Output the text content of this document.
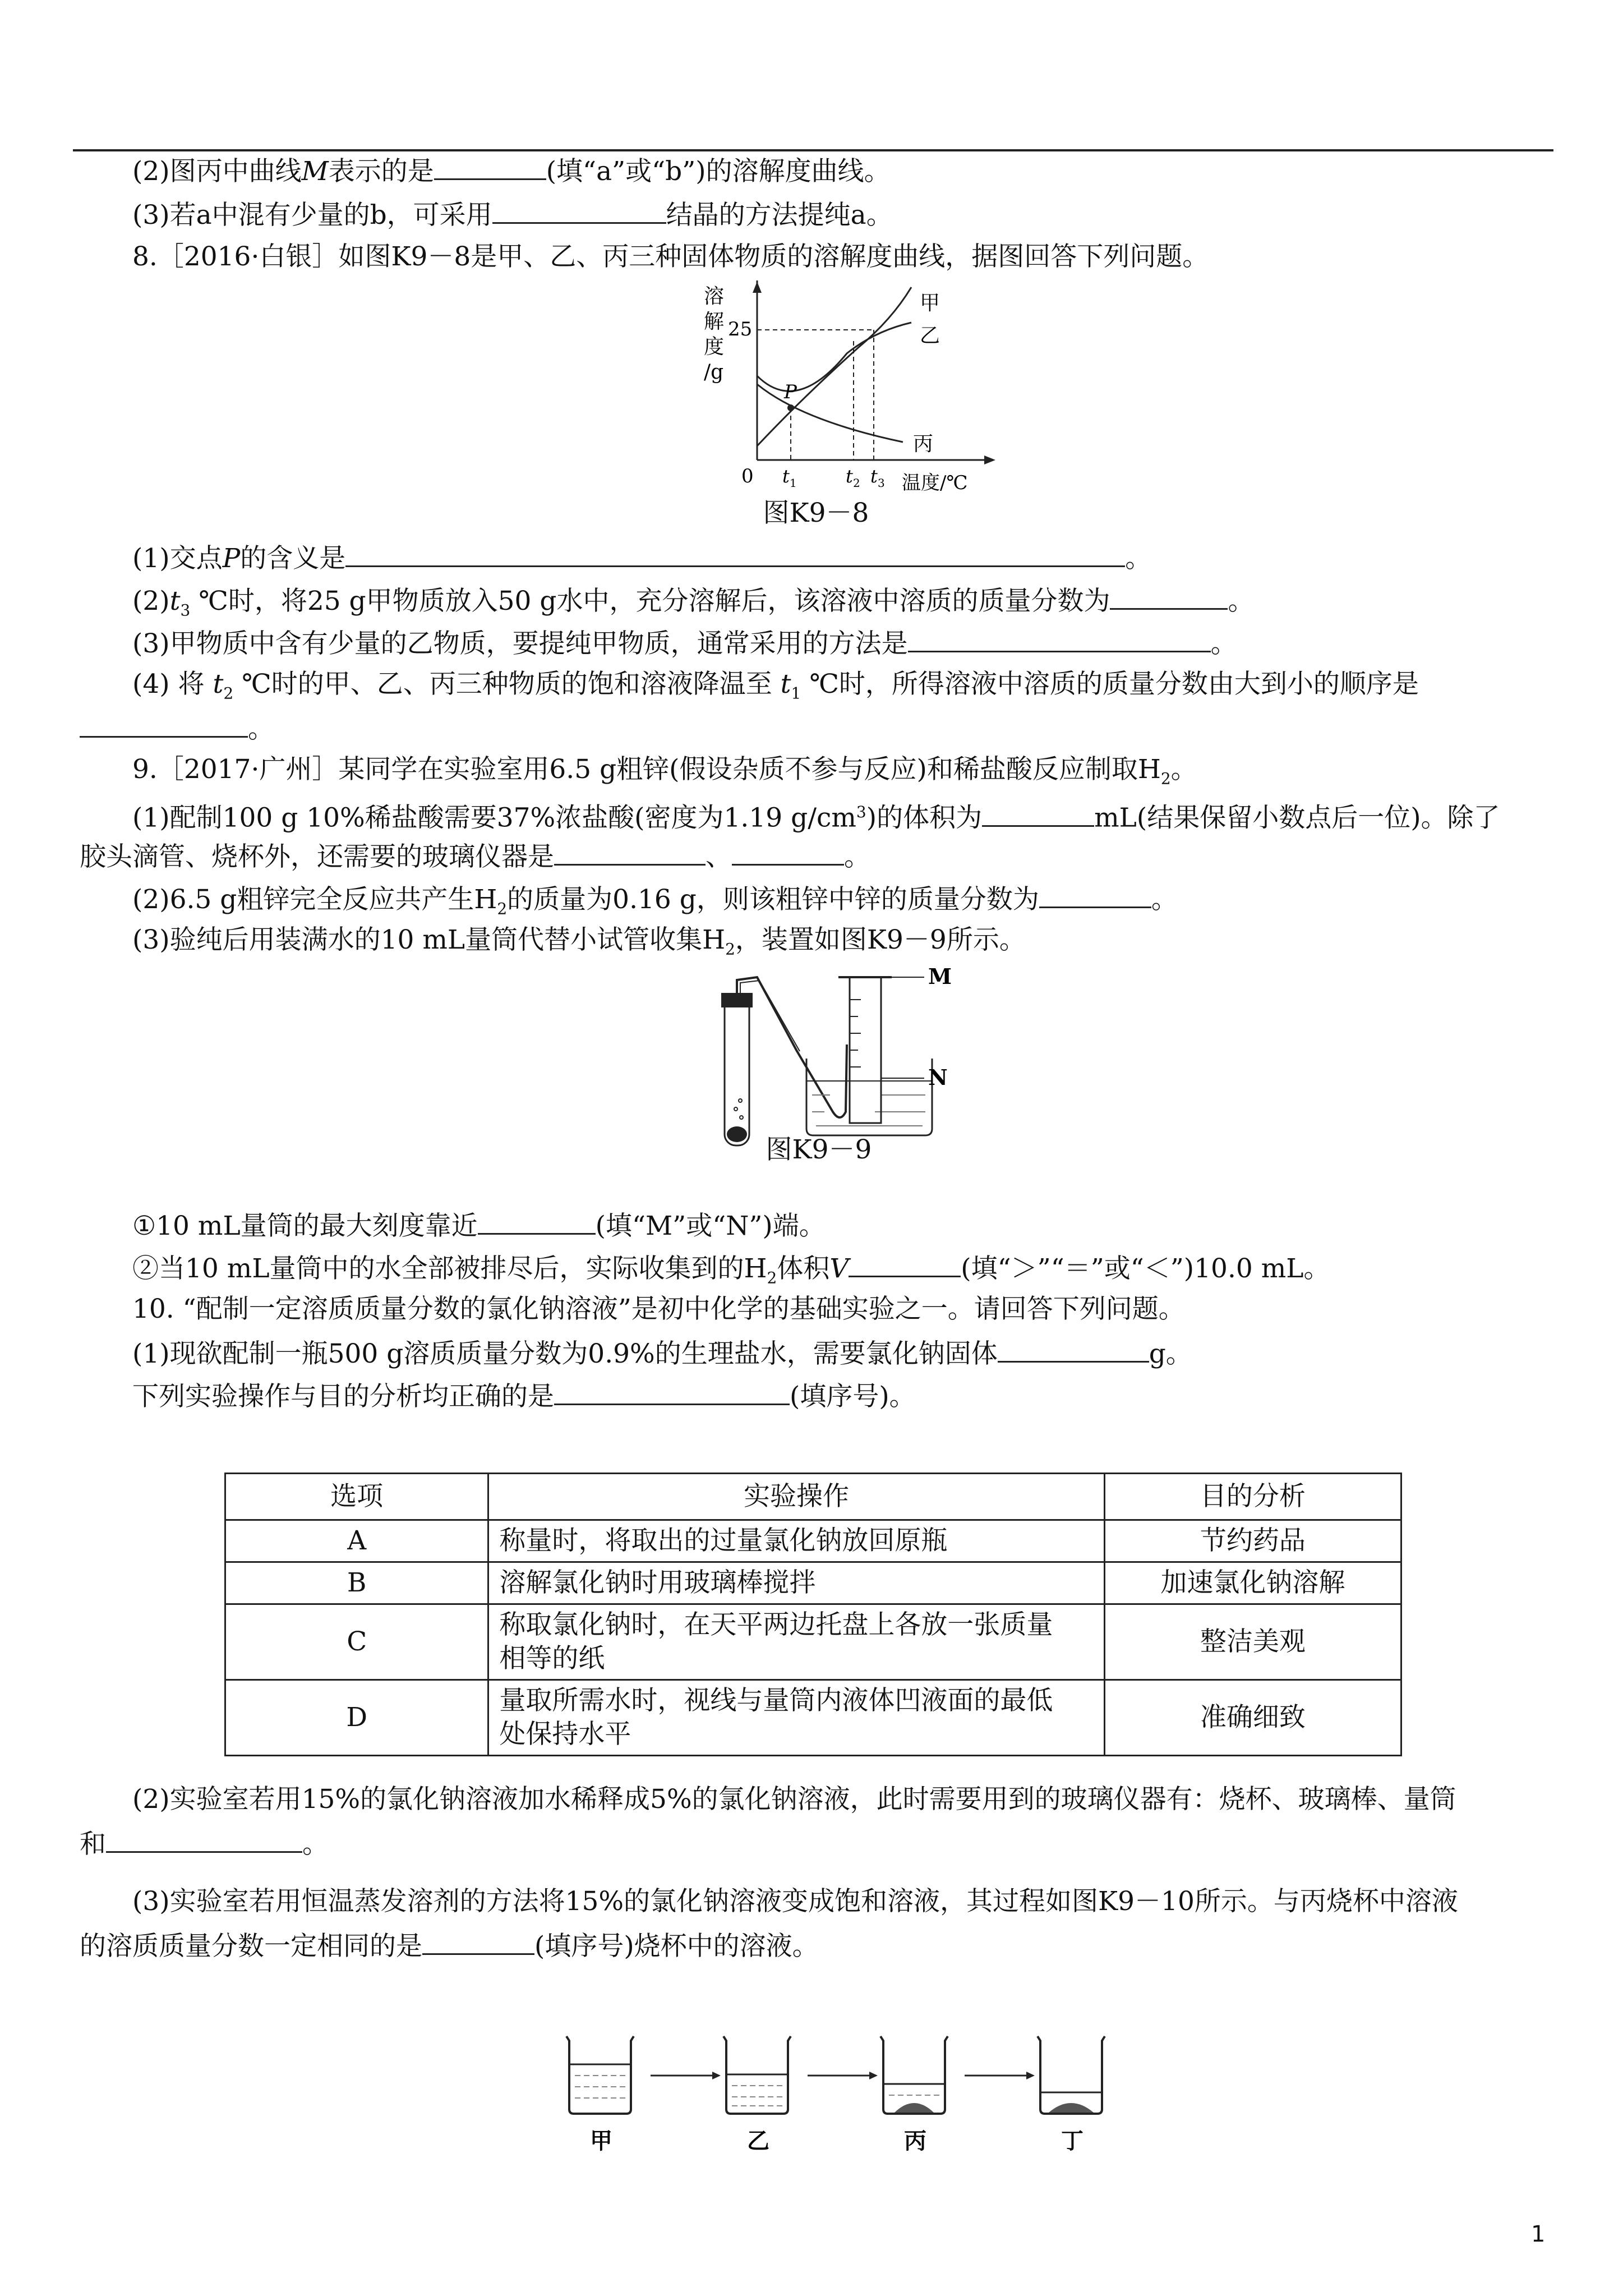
(2)图丙中曲线M表示的是	(填“a”或“b”)的溶解度曲线。
(3)若a中混有少量的b，可采用	结晶的方法提纯a。
8.［2016·白银］如图K9－8是甲、乙、丙三种固体物质的溶解度曲线，据图回答下列问题。
溶
解
度
/g
25
0
P
甲
乙
丙
t 1	t 2 t 3 温度/℃
图K9－8
(1)交点P的含义是	。
$(2)t_3$ ℃时，将25 g甲物质放入50 g水中，充分溶解后，该溶液中溶质的质量分数为	。
(3)甲物质中含有少量的乙物质，要提纯甲物质，通常采用的方法是	。
(4) 将 $t_2$ ℃时的甲、乙、丙三种物质的饱和溶液降温至 $t_1$ ℃时，所得溶液中溶质的质量分数由大到小的顺序是
。
9.［2017·广州］某同学在实验室用6.5 g粗锌(假设杂质不参与反应)和稀盐酸反应制取$H_2$。
(1)配制100 g 10%稀盐酸需要37%浓盐酸(密度为1.19 $g/cm^3$)的体积为	mL(结果保留小数点后一位)。除了
胶头滴管、烧杯外，还需要的玻璃仪器是	、	。
(2)6.5 g粗锌完全反应共产生$H_2$的质量为0.16 g，则该粗锌中锌的质量分数为	。
(3)验纯后用装满水的10 mL量筒代替小试管收集$H_2$，装置如图K9－9所示。
M
N
图K9－9
①10 mL量筒的最大刻度靠近	(填“M”或“N”)端。
②当10 mL量筒中的水全部被排尽后，实际收集到的$H_2$体积V	(填“＞”“＝”或“＜”)10.0 mL。
10. “配制一定溶质质量分数的氯化钠溶液”是初中化学的基础实验之一。请回答下列问题。
(1)现欲配制一瓶500 g溶质质量分数为0.9%的生理盐水，需要氯化钠固体	g。
下列实验操作与目的分析均正确的是	(填序号)。
选项	实验操作	目的分析
A	称量时，将取出的过量氯化钠放回原瓶	节约药品
B	溶解氯化钠时用玻璃棒搅拌	加速氯化钠溶解
C	称取氯化钠时，在天平两边托盘上各放一张质量
相等的纸	整洁美观
D	量取所需水时，视线与量筒内液体凹液面的最低
处保持水平	准确细致
(2)实验室若用15%的氯化钠溶液加水稀释成5%的氯化钠溶液，此时需要用到的玻璃仪器有：烧杯、玻璃棒、量筒
和	。
(3)实验室若用恒温蒸发溶剂的方法将15%的氯化钠溶液变成饱和溶液，其过程如图K9－10所示。与丙烧杯中溶液
的溶质质量分数一定相同的是	(填序号)烧杯中的溶液。
甲	乙	丙	丁
1
